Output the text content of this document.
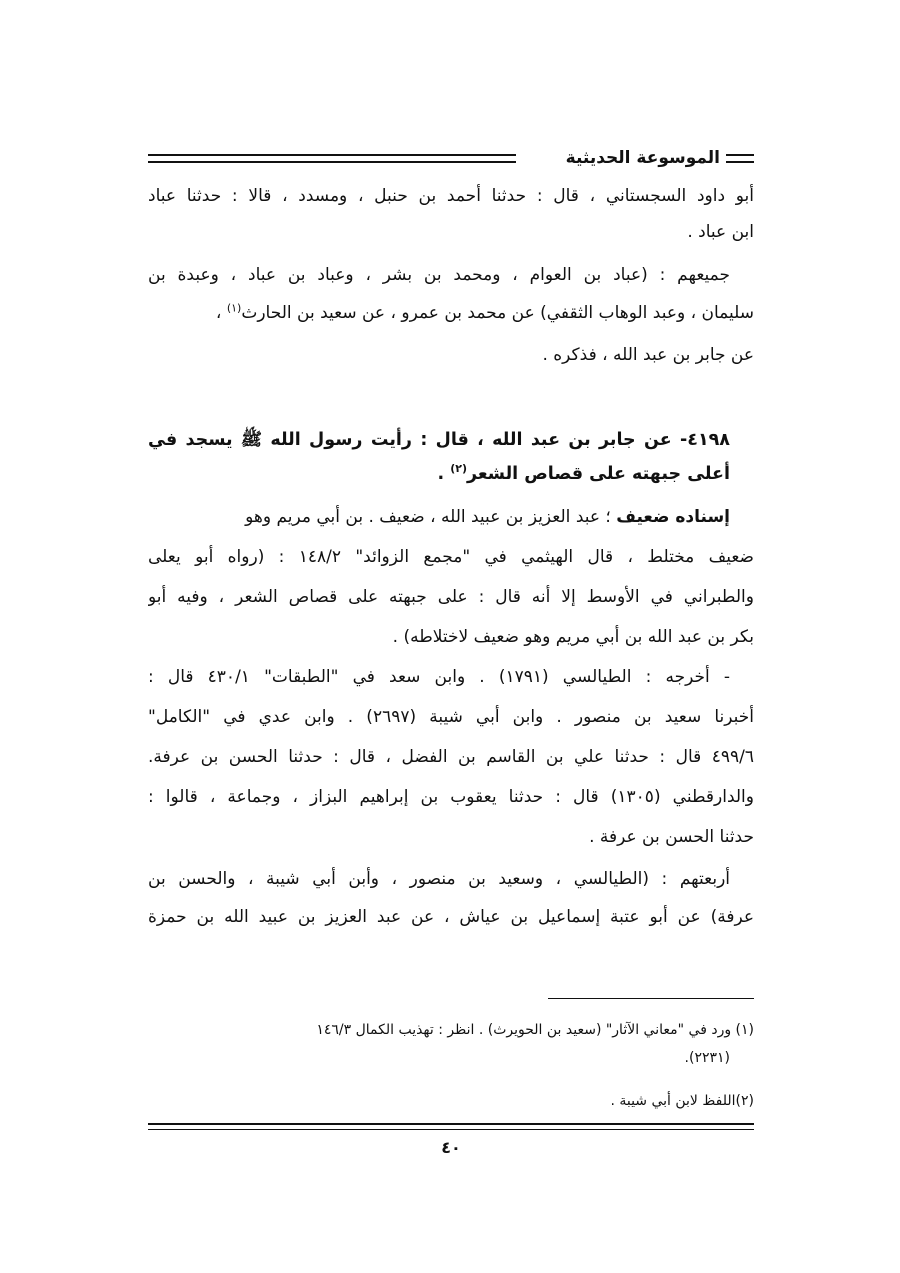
الموسوعة الحديثية
أبو داود السجستاني ، قال : حدثنا أحمد بن حنبل ، ومسدد ، قالا : حدثنا عباد
ابن عباد .
جميعهم : (عباد بن العوام ، ومحمد بن بشر ، وعباد بن عباد ، وعبدة بن
سليمان ، وعبد الوهاب الثقفي) عن محمد بن عمرو ، عن سعيد بن الحارث$^{(١)}$ ،
عن جابر بن عبد الله ، فذكره .
٤١٩٨- عن جابر بن عبد الله ، قال : رأيت رسول الله ﷺ يسجد في
أعلى جبهته على قصاص الشعر$^{(٢)}$ .
إسناده ضعيف ؛ عبد العزيز بن عبيد الله ، ضعيف . بن أبي مريم وهو
ضعيف مختلط ، قال الهيثمي في "مجمع الزوائد" ١٤٨/٢ : (رواه أبو يعلى
والطبراني في الأوسط إلا أنه قال : على جبهته على قصاص الشعر ، وفيه أبو
بكر بن عبد الله بن أبي مريم وهو ضعيف لاختلاطه) .
- أخرجه : الطيالسي (١٧٩١) . وابن سعد في "الطبقات" ٤٣٠/١ قال :
أخبرنا سعيد بن منصور . وابن أبي شيبة (٢٦٩٧) . وابن عدي في "الكامل"
٤٩٩/٦ قال : حدثنا علي بن القاسم بن الفضل ، قال : حدثنا الحسن بن عرفة.
والدارقطني (١٣٠٥) قال : حدثنا يعقوب بن إبراهيم البزاز ، وجماعة ، قالوا :
حدثنا الحسن بن عرفة .
أربعتهم : (الطيالسي ، وسعيد بن منصور ، وأبن أبي شيبة ، والحسن بن
عرفة) عن أبو عتبة إسماعيل بن عياش ، عن عبد العزيز بن عبيد الله بن حمزة
(١) ورد في "معاني الآثار" (سعيد بن الحويرث) . انظر : تهذيب الكمال ١٤٦/٣
(٢٢٣١).
(٢)اللفظ لابن أبي شيبة .
٤٠
